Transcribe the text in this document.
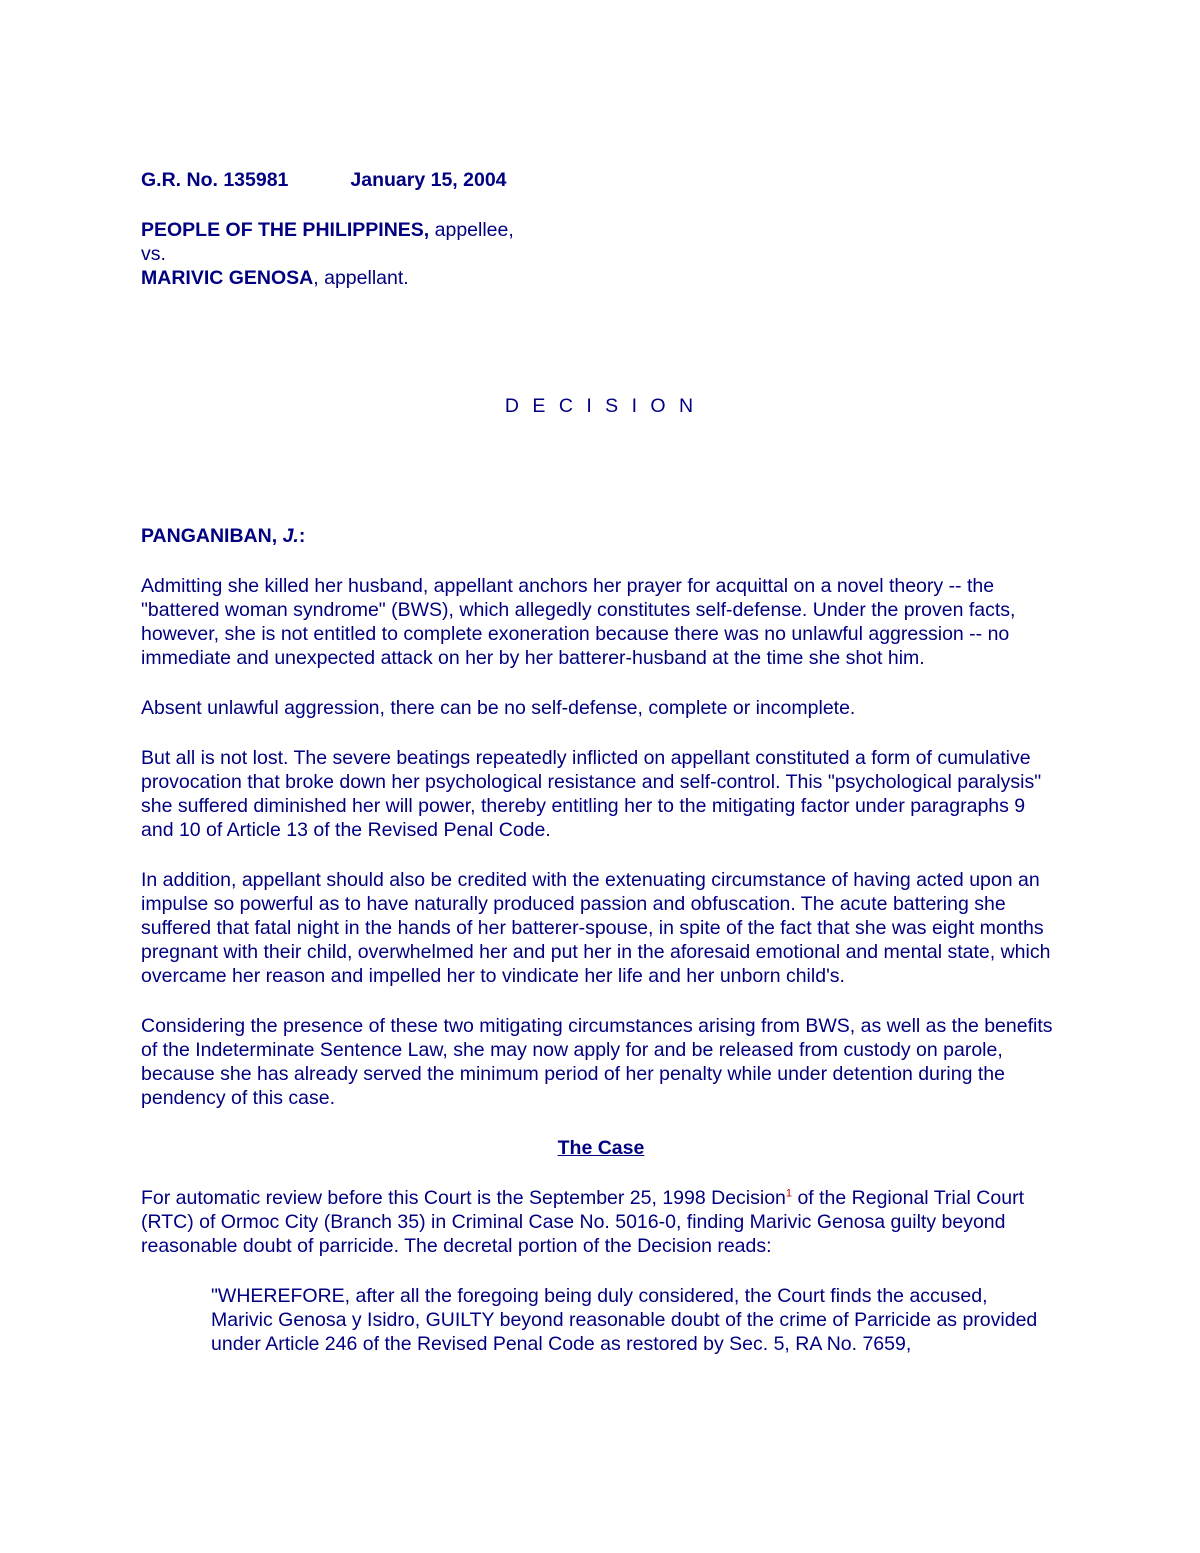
G.R. No. 135981	January 15, 2004

PEOPLE OF THE PHILIPPINES, appellee,

vs.

MARIVIC GENOSA, appellant.

D E C I S I O N

PANGANIBAN, J.:

Admitting she killed her husband, appellant anchors her prayer for acquittal on a novel theory -- the "battered woman syndrome" (BWS), which allegedly constitutes self-defense. Under the proven facts, however, she is not entitled to complete exoneration because there was no unlawful aggression -- no immediate and unexpected attack on her by her batterer-husband at the time she shot him.

Absent unlawful aggression, there can be no self-defense, complete or incomplete.

But all is not lost. The severe beatings repeatedly inflicted on appellant constituted a form of cumulative provocation that broke down her psychological resistance and self-control. This "psychological paralysis" she suffered diminished her will power, thereby entitling her to the mitigating factor under paragraphs 9 and 10 of Article 13 of the Revised Penal Code.

In addition, appellant should also be credited with the extenuating circumstance of having acted upon an impulse so powerful as to have naturally produced passion and obfuscation. The acute battering she suffered that fatal night in the hands of her batterer-spouse, in spite of the fact that she was eight months pregnant with their child, overwhelmed her and put her in the aforesaid emotional and mental state, which overcame her reason and impelled her to vindicate her life and her unborn child's.

Considering the presence of these two mitigating circumstances arising from BWS, as well as the benefits of the Indeterminate Sentence Law, she may now apply for and be released from custody on parole, because she has already served the minimum period of her penalty while under detention during the pendency of this case.

The Case

For automatic review before this Court is the September 25, 1998 Decision$^1$ of the Regional Trial Court (RTC) of Ormoc City (Branch 35) in Criminal Case No. 5016-0, finding Marivic Genosa guilty beyond reasonable doubt of parricide. The decretal portion of the Decision reads:

"WHEREFORE, after all the foregoing being duly considered, the Court finds the accused, Marivic Genosa y Isidro, GUILTY beyond reasonable doubt of the crime of Parricide as provided under Article 246 of the Revised Penal Code as restored by Sec. 5, RA No. 7659,
